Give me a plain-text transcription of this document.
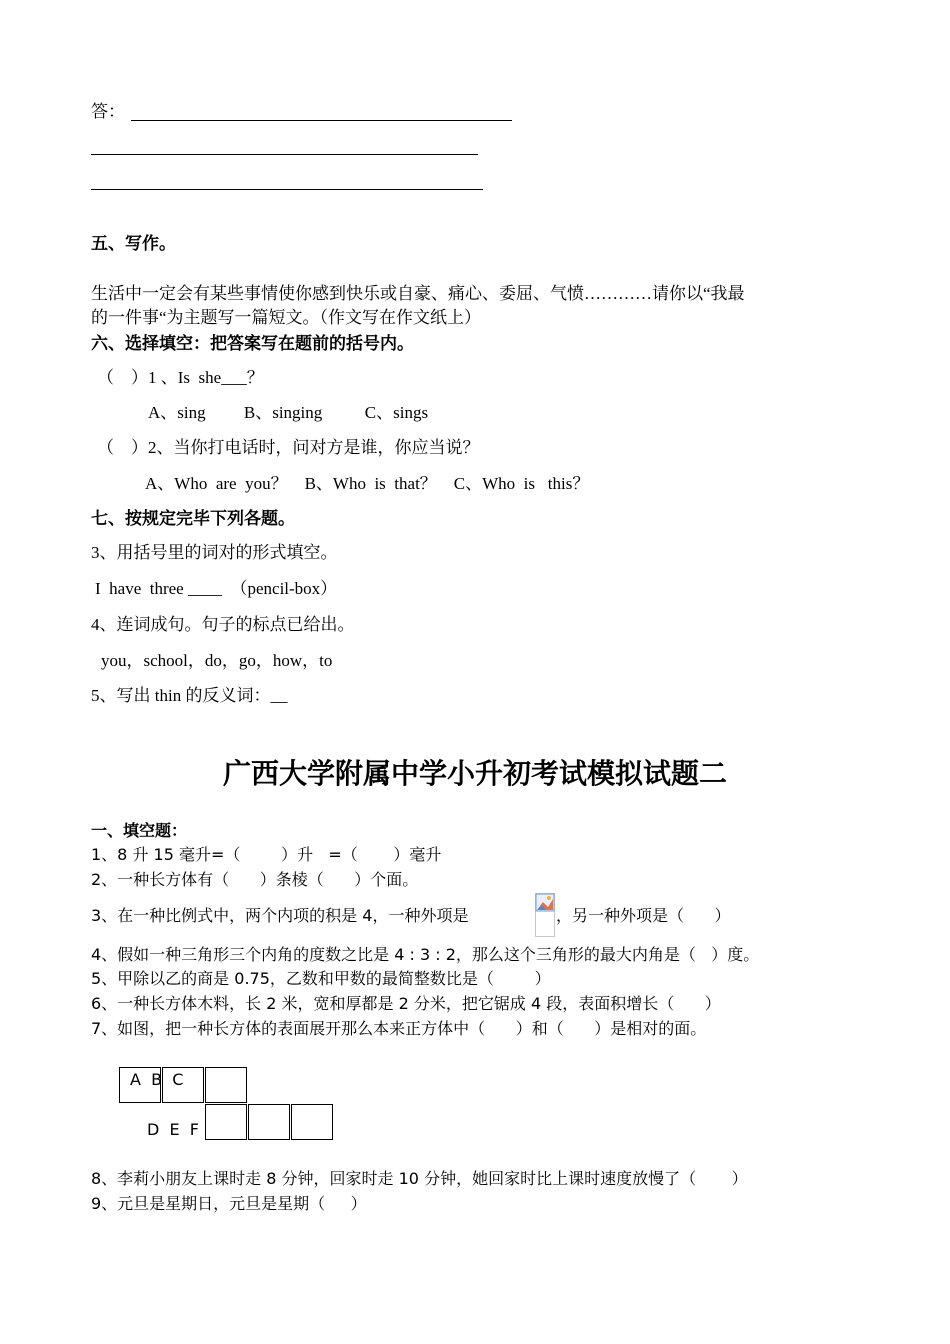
答：
五、写作。
生活中一定会有某些事情使你感到快乐或自豪、痛心、委屈、气愤…………请你以“我最
的一件事“为主题写一篇短文。（作文写在作文纸上）
六、选择填空：把答案写在题前的括号内。
（    ）1 、Is  she___？
A、sing         B、singing          C、sings
（    ）2、当你打电话时，问对方是谁，你应当说？
A、Who  are  you？    B、Who  is  that？    C、Who  is   this？
七、按规定完毕下列各题。
3、用括号里的词对的形式填空。
I  have  three ____  （pencil-box）
4、连词成句。句子的标点已给出。
you，school，do，go，how，to
5、写出 thin 的反义词：__
广西大学附属中学小升初考试模拟试题二
一、填空题：
1、8 升 15 毫升=（        ）升   =（       ）毫升
2、一种长方体有（      ）条棱（      ）个面。
3、在一种比例式中，两个内项的积是 4，一种外项是	，另一种外项是（      ）
4、假如一种三角形三个内角的度数之比是 4 : 3 : 2，那么这个三角形的最大内角是（   ）度。
5、甲除以乙的商是 0.75，乙数和甲数的最简整数比是（        ）
6、一种长方体木料，长 2 米，宽和厚都是 2 分米，把它锯成 4 段，表面积增长（      ）
7、如图，把一种长方体的表面展开那么本来正方体中（      ）和（      ）是相对的面。
A  B  C
D  E  F
8、李莉小朋友上课时走 8 分钟，回家时走 10 分钟，她回家时比上课时速度放慢了（       ）
9、元旦是星期日，元旦是星期（     ）
